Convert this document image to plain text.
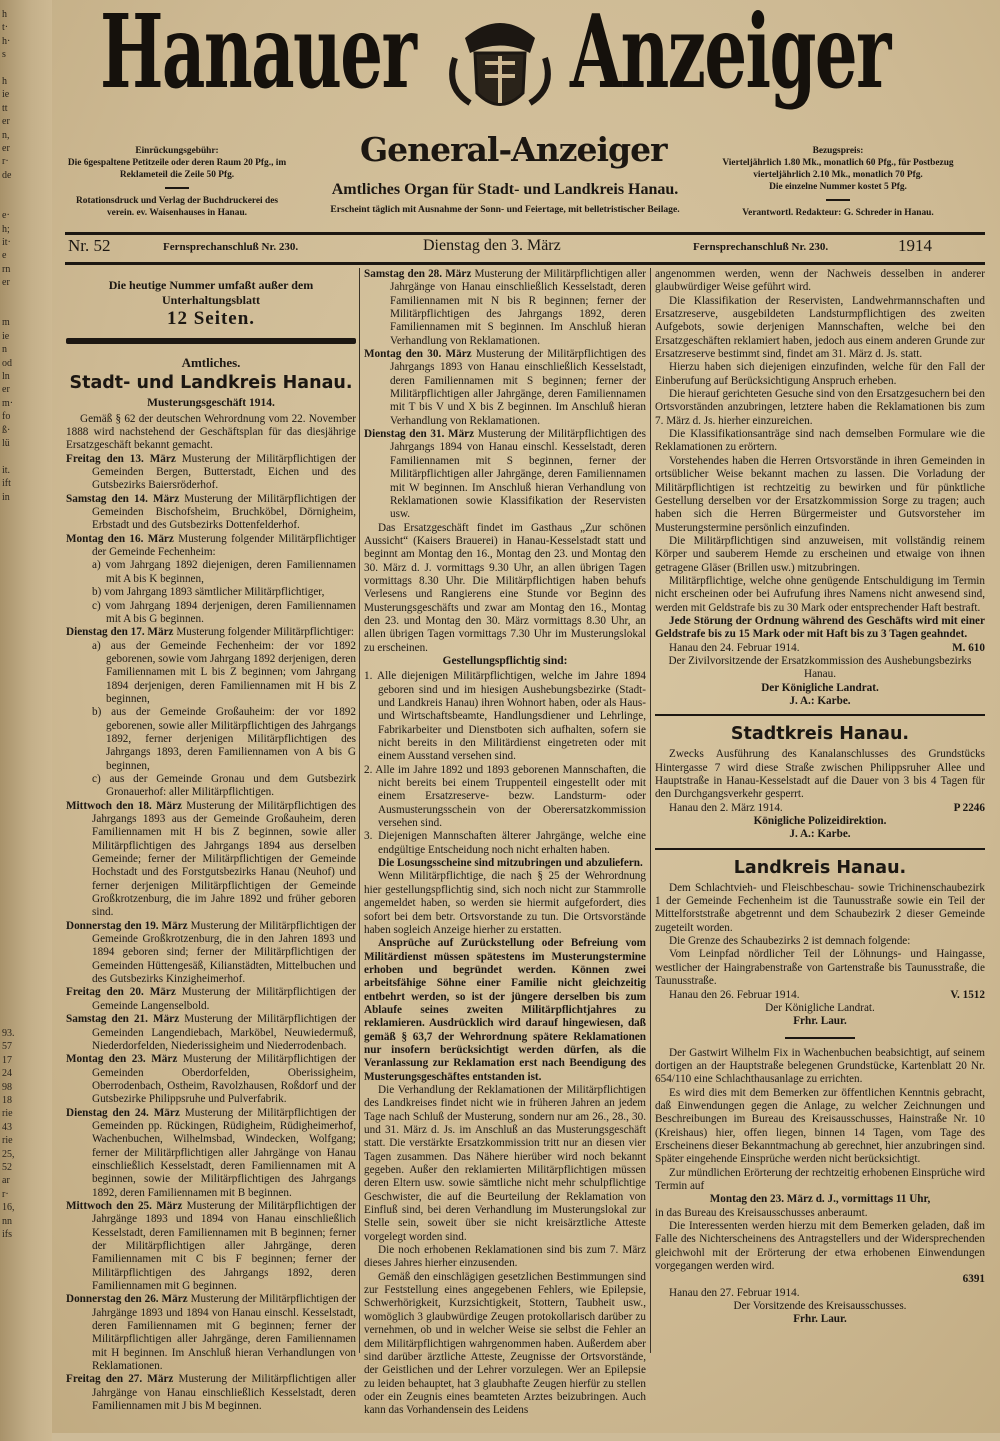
h
t·
h·
s

h
ie
tt
er
n,
er
r·
de

e·
h;
it·
e
rn
er

m
ie
n
od
ln
er
m·
fo
ß·
lü

it.
ift
in

93.
57
17
24
98
18
rie
43
rie
25,
52
ar
r·
16,
nn
ifs
Hanauer Anzeiger
Einrückungsgebühr:
Die 6gespaltene Petitzeile oder deren Raum 20 Pfg., im Reklameteil die Zeile 50 Pfg.
Rotationsdruck und Verlag der Buchdruckerei des verein. ev. Waisenhauses in Hanau.
General-Anzeiger
Amtliches Organ für Stadt- und Landkreis Hanau.
Erscheint täglich mit Ausnahme der Sonn- und Feiertage, mit belletristischer Beilage.
Bezugspreis:
Vierteljährlich 1.80 Mk., monatlich 60 Pfg., für Postbezug vierteljährlich 2.10 Mk., monatlich 70 Pfg.
Die einzelne Nummer kostet 5 Pfg.
Verantwortl. Redakteur: G. Schreder in Hanau.
Nr. 52	Fernsprechanschluß Nr. 230.	Dienstag den 3. März	Fernsprechanschluß Nr. 230.	1914
Die heutige Nummer umfaßt außer dem Unterhaltungsblatt
12 Seiten.
Amtliches.
Stadt- und Landkreis Hanau.
Musterungsgeschäft 1914.

Gemäß § 62 der deutschen Wehrordnung vom 22. November 1888 wird nachstehend der Geschäftsplan für das diesjährige Ersatzgeschäft bekannt gemacht.

Freitag den 13. März Musterung der Militärpflichtigen der Gemeinden Bergen, Butterstadt, Eichen und des Gutsbezirks Baiersröderhof.

Samstag den 14. März Musterung der Militärpflichtigen der Gemeinden Bischofsheim, Bruchköbel, Dörnigheim, Erbstadt und des Gutsbezirks Dottenfelderhof.

Montag den 16. März Musterung folgender Militärpflichtiger der Gemeinde Fechenheim:

a) vom Jahrgang 1892 diejenigen, deren Familiennamen mit A bis K beginnen,

b) vom Jahrgang 1893 sämtlicher Militärpflichtiger,

c) vom Jahrgang 1894 derjenigen, deren Familiennamen mit A bis G beginnen.

Dienstag den 17. März Musterung folgender Militärpflichtiger:

a) aus der Gemeinde Fechenheim: der vor 1892 geborenen, sowie vom Jahrgang 1892 derjenigen, deren Familiennamen mit L bis Z beginnen; vom Jahrgang 1894 derjenigen, deren Familiennamen mit H bis Z beginnen,

b) aus der Gemeinde Großauheim: der vor 1892 geborenen, sowie aller Militärpflichtigen des Jahrgangs 1892, ferner derjenigen Militärpflichtigen des Jahrgangs 1893, deren Familiennamen von A bis G beginnen,

c) aus der Gemeinde Gronau und dem Gutsbezirk Gronauerhof: aller Militärpflichtigen.

Mittwoch den 18. März Musterung der Militärpflichtigen des Jahrgangs 1893 aus der Gemeinde Großauheim, deren Familiennamen mit H bis Z beginnen, sowie aller Militärpflichtigen des Jahrgangs 1894 aus derselben Gemeinde; ferner der Militärpflichtigen der Gemeinde Hochstadt und des Forstgutsbezirks Hanau (Neuhof) und ferner derjenigen Militärpflichtigen der Gemeinde Großkrotzenburg, die im Jahre 1892 und früher geboren sind.

Donnerstag den 19. März Musterung der Militärpflichtigen der Gemeinde Großkrotzenburg, die in den Jahren 1893 und 1894 geboren sind; ferner der Militärpflichtigen der Gemeinden Hüttengesäß, Kilianstädten, Mittelbuchen und des Gutsbezirks Kinzigheimerhof.

Freitag den 20. März Musterung der Militärpflichtigen der Gemeinde Langenselbold.

Samstag den 21. März Musterung der Militärpflichtigen der Gemeinden Langendiebach, Marköbel, Neuwiedermuß, Niederdorfelden, Niederissigheim und Niederrodenbach.

Montag den 23. März Musterung der Militärpflichtigen der Gemeinden Oberdorfelden, Oberissigheim, Oberrodenbach, Ostheim, Ravolzhausen, Roßdorf und der Gutsbezirke Philippsruhe und Pulverfabrik.

Dienstag den 24. März Musterung der Militärpflichtigen der Gemeinden pp. Rückingen, Rüdigheim, Rüdigheimerhof, Wachenbuchen, Wilhelmsbad, Windecken, Wolfgang; ferner der Militärpflichtigen aller Jahrgänge von Hanau einschließlich Kesselstadt, deren Familiennamen mit A beginnen, sowie der Militärpflichtigen des Jahrgangs 1892, deren Familiennamen mit B beginnen.

Mittwoch den 25. März Musterung der Militärpflichtigen der Jahrgänge 1893 und 1894 von Hanau einschließlich Kesselstadt, deren Familiennamen mit B beginnen; ferner der Militärpflichtigen aller Jahrgänge, deren Familiennamen mit C bis F beginnen; ferner der Militärpflichtigen des Jahrgangs 1892, deren Familiennamen mit G beginnen.

Donnerstag den 26. März Musterung der Militärpflichtigen der Jahrgänge 1893 und 1894 von Hanau einschl. Kesselstadt, deren Familiennamen mit G beginnen; ferner der Militärpflichtigen aller Jahrgänge, deren Familiennamen mit H beginnen. Im Anschluß hieran Verhandlungen von Reklamationen.

Freitag den 27. März Musterung der Militärpflichtigen aller Jahrgänge von Hanau einschließlich Kesselstadt, deren Familiennamen mit J bis M beginnen.

Samstag den 28. März Musterung der Militärpflichtigen aller Jahrgänge von Hanau einschließlich Kesselstadt, deren Familiennamen mit N bis R beginnen; ferner der Militärpflichtigen des Jahrgangs 1892, deren Familiennamen mit S beginnen. Im Anschluß hieran Verhandlung von Reklamationen.

Montag den 30. März Musterung der Militärpflichtigen des Jahrgangs 1893 von Hanau einschließlich Kesselstadt, deren Familiennamen mit S beginnen; ferner der Militärpflichtigen aller Jahrgänge, deren Familiennamen mit T bis V und X bis Z beginnen. Im Anschluß hieran Verhandlung von Reklamationen.

Dienstag den 31. März Musterung der Militärpflichtigen des Jahrgangs 1894 von Hanau einschl. Kesselstadt, deren Familiennamen mit S beginnen, ferner der Militärpflichtigen aller Jahrgänge, deren Familiennamen mit W beginnen. Im Anschluß hieran Verhandlung von Reklamationen sowie Klassifikation der Reservisten usw.

Das Ersatzgeschäft findet im Gasthaus „Zur schönen Aussicht“ (Kaisers Brauerei) in Hanau-Kesselstadt statt und beginnt am Montag den 16., Montag den 23. und Montag den 30. März d. J. vormittags 9.30 Uhr, an allen übrigen Tagen vormittags 8.30 Uhr. Die Militärpflichtigen haben behufs Verlesens und Rangierens eine Stunde vor Beginn des Musterungsgeschäfts und zwar am Montag den 16., Montag den 23. und Montag den 30. März vormittags 8.30 Uhr, an allen übrigen Tagen vormittags 7.30 Uhr im Musterungslokal zu erscheinen.

Gestellungspflichtig sind:

1. Alle diejenigen Militärpflichtigen, welche im Jahre 1894 geboren sind und im hiesigen Aushebungsbezirke (Stadt- und Landkreis Hanau) ihren Wohnort haben, oder als Haus- und Wirtschaftsbeamte, Handlungsdiener und Lehrlinge, Fabrikarbeiter und Dienstboten sich aufhalten, sofern sie nicht bereits in den Militärdienst eingetreten oder mit einem Ausstand versehen sind.

2. Alle im Jahre 1892 und 1893 geborenen Mannschaften, die nicht bereits bei einem Truppenteil eingestellt oder mit einem Ersatzreserve- bezw. Landsturm- oder Ausmusterungsschein von der Oberersatzkommission versehen sind.

3. Diejenigen Mannschaften älterer Jahrgänge, welche eine endgültige Entscheidung noch nicht erhalten haben.

Die Losungsscheine sind mitzubringen und abzuliefern.

Wenn Militärpflichtige, die nach § 25 der Wehrordnung hier gestellungspflichtig sind, sich noch nicht zur Stammrolle angemeldet haben, so werden sie hiermit aufgefordert, dies sofort bei dem betr. Ortsvorstande zu tun. Die Ortsvorstände haben sogleich Anzeige hierher zu erstatten.

Ansprüche auf Zurückstellung oder Befreiung vom Militärdienst müssen spätestens im Musterungstermine erhoben und begründet werden. Können zwei arbeitsfähige Söhne einer Familie nicht gleichzeitig entbehrt werden, so ist der jüngere derselben bis zum Ablaufe seines zweiten Militärpflichtjahres zu reklamieren. Ausdrücklich wird darauf hingewiesen, daß gemäß § 63,7 der Wehrordnung spätere Reklamationen nur insofern berücksichtigt werden dürfen, als die Veranlassung zur Reklamation erst nach Beendigung des Musterungsgeschäftes entstanden ist.

Die Verhandlung der Reklamationen der Militärpflichtigen des Landkreises findet nicht wie in früheren Jahren an jedem Tage nach Schluß der Musterung, sondern nur am 26., 28., 30. und 31. März d. Js. im Anschluß an das Musterungsgeschäft statt. Die verstärkte Ersatzkommission tritt nur an diesen vier Tagen zusammen. Das Nähere hierüber wird noch bekannt gegeben. Außer den reklamierten Militärpflichtigen müssen deren Eltern usw. sowie sämtliche nicht mehr schulpflichtige Geschwister, die auf die Beurteilung der Reklamation von Einfluß sind, bei deren Verhandlung im Musterungslokal zur Stelle sein, soweit über sie nicht kreisärztliche Atteste vorgelegt worden sind.

Die noch erhobenen Reklamationen sind bis zum 7. März dieses Jahres hierher einzusenden.

Gemäß den einschlägigen gesetzlichen Bestimmungen sind zur Feststellung eines angegebenen Fehlers, wie Epilepsie, Schwerhörigkeit, Kurzsichtigkeit, Stottern, Taubheit usw., womöglich 3 glaubwürdige Zeugen protokollarisch darüber zu vernehmen, ob und in welcher Weise sie selbst die Fehler an dem Militärpflichtigen wahrgenommen haben. Außerdem aber sind darüber ärztliche Atteste, Zeugnisse der Ortsvorstände, der Geistlichen und der Lehrer vorzulegen. Wer an Epilepsie zu leiden behauptet, hat 3 glaubhafte Zeugen hierfür zu stellen oder ein Zeugnis eines beamteten Arztes beizubringen. Auch kann das Vorhandensein des Leidens

angenommen werden, wenn der Nachweis desselben in anderer glaubwürdiger Weise geführt wird.

Die Klassifikation der Reservisten, Landwehrmannschaften und Ersatzreserve, ausgebildeten Landsturmpflichtigen des zweiten Aufgebots, sowie derjenigen Mannschaften, welche bei den Ersatzgeschäften reklamiert haben, jedoch aus einem anderen Grunde zur Ersatzreserve bestimmt sind, findet am 31. März d. Js. statt.

Hierzu haben sich diejenigen einzufinden, welche für den Fall der Einberufung auf Berücksichtigung Anspruch erheben.

Die hierauf gerichteten Gesuche sind von den Ersatzgesuchern bei den Ortsvorständen anzubringen, letztere haben die Reklamationen bis zum 7. März d. Js. hierher einzureichen.

Die Klassifikationsanträge sind nach demselben Formulare wie die Reklamationen zu erörtern.

Vorstehendes haben die Herren Ortsvorstände in ihren Gemeinden in ortsüblicher Weise bekannt machen zu lassen. Die Vorladung der Militärpflichtigen ist rechtzeitig zu bewirken und für pünktliche Gestellung derselben vor der Ersatzkommission Sorge zu tragen; auch haben sich die Herren Bürgermeister und Gutsvorsteher im Musterungstermine persönlich einzufinden.

Die Militärpflichtigen sind anzuweisen, mit vollständig reinem Körper und sauberem Hemde zu erscheinen und etwaige von ihnen getragene Gläser (Brillen usw.) mitzubringen.

Militärpflichtige, welche ohne genügende Entschuldigung im Termin nicht erscheinen oder bei Aufrufung ihres Namens nicht anwesend sind, werden mit Geldstrafe bis zu 30 Mark oder entsprechender Haft bestraft.

Jede Störung der Ordnung während des Geschäfts wird mit einer Geldstrafe bis zu 15 Mark oder mit Haft bis zu 3 Tagen geahndet.

Hanau den 24. Februar 1914.	M. 610

Der Zivilvorsitzende der Ersatzkommission des Aushebungsbezirks Hanau.

Der Königliche Landrat.

J. A.: Karbe.

Stadtkreis Hanau.

Zwecks Ausführung des Kanalanschlusses des Grundstücks Hintergasse 7 wird diese Straße zwischen Philippsruher Allee und Hauptstraße in Hanau-Kesselstadt auf die Dauer von 3 bis 4 Tagen für den Durchgangsverkehr gesperrt.

Hanau den 2. März 1914.	P 2246

Königliche Polizeidirektion.

J. A.: Karbe.

Landkreis Hanau.

Dem Schlachtvieh- und Fleischbeschau- sowie Trichinenschaubezirk 1 der Gemeinde Fechenheim ist die Taunusstraße sowie ein Teil der Mittelforststraße abgetrennt und dem Schaubezirk 2 dieser Gemeinde zugeteilt worden.

Die Grenze des Schaubezirks 2 ist demnach folgende:

Vom Leinpfad nördlicher Teil der Löhnungs- und Haingasse, westlicher der Haingrabenstraße von Gartenstraße bis Taunusstraße, die Taunusstraße.

Hanau den 26. Februar 1914.	V. 1512

Der Königliche Landrat.

Frhr. Laur.

Der Gastwirt Wilhelm Fix in Wachenbuchen beabsichtigt, auf seinem dortigen an der Hauptstraße belegenen Grundstücke, Kartenblatt 20 Nr. 654/110 eine Schlachthausanlage zu errichten.

Es wird dies mit dem Bemerken zur öffentlichen Kenntnis gebracht, daß Einwendungen gegen die Anlage, zu welcher Zeichnungen und Beschreibungen im Bureau des Kreisausschusses, Hainstraße Nr. 10 (Kreishaus) hier, offen liegen, binnen 14 Tagen, vom Tage des Erscheinens dieser Bekanntmachung ab gerechnet, hier anzubringen sind. Später eingehende Einsprüche werden nicht berücksichtigt.

Zur mündlichen Erörterung der rechtzeitig erhobenen Einsprüche wird Termin auf

Montag den 23. März d. J., vormittags 11 Uhr,

in das Bureau des Kreisausschusses anberaumt.

Die Interessenten werden hierzu mit dem Bemerken geladen, daß im Falle des Nichterscheinens des Antragstellers und der Widersprechenden gleichwohl mit der Erörterung der etwa erhobenen Einwendungen vorgegangen werden wird.

6391

Hanau den 27. Februar 1914.

Der Vorsitzende des Kreisausschusses.

Frhr. Laur.
